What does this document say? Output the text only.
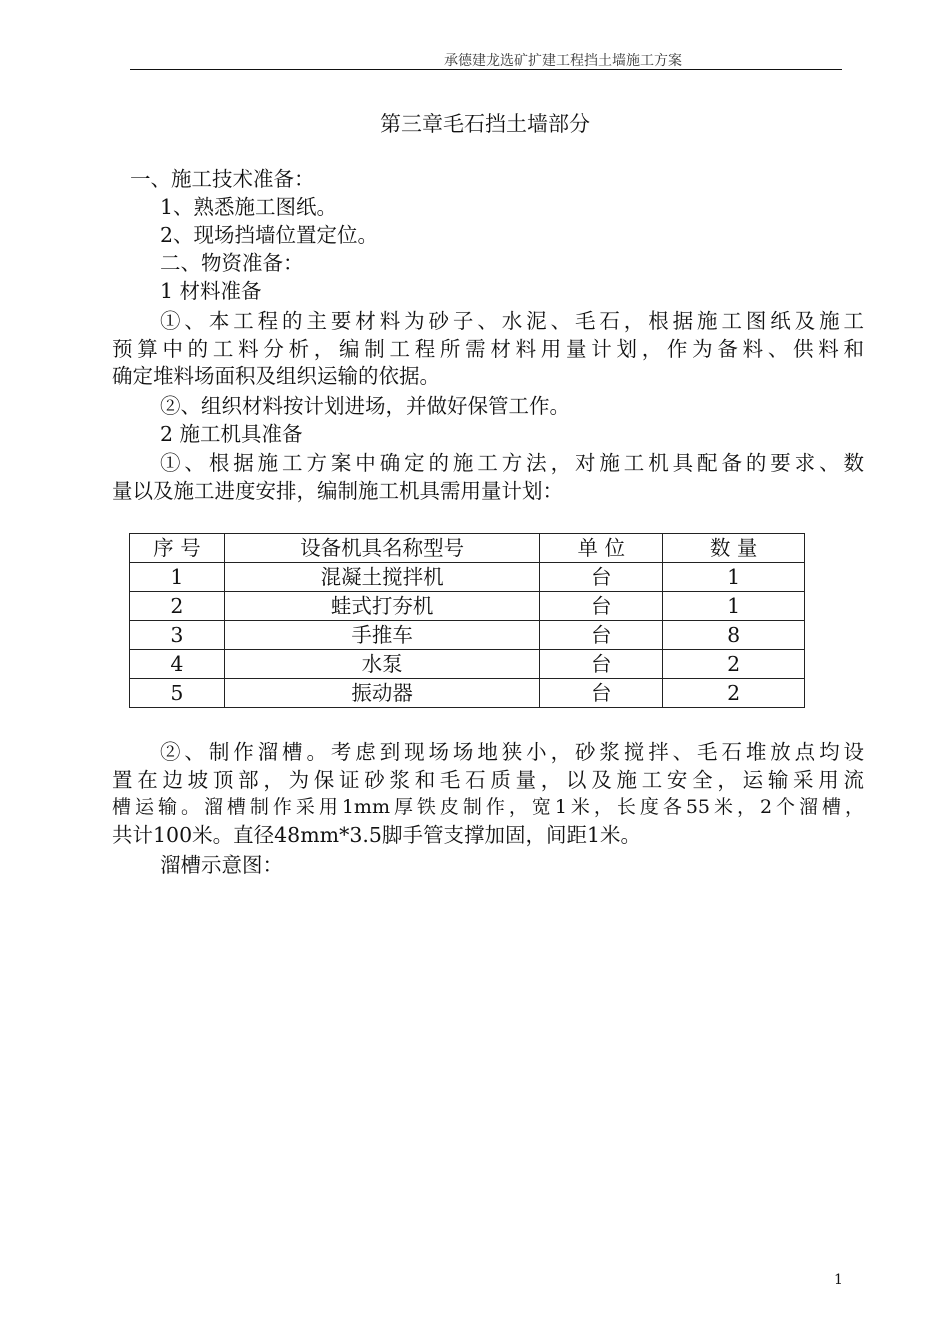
承德建龙选矿扩建工程挡土墙施工方案
第三章毛石挡土墙部分
一、施工技术准备：
1、熟悉施工图纸。
2、现场挡墙位置定位。
二、物资准备：
1 材料准备
①、本工程的主要材料为砂子、水泥、毛石，根据施工图纸及施工
预算中的工料分析，编制工程所需材料用量计划，作为备料、供料和
确定堆料场面积及组织运输的依据。
②、组织材料按计划进场，并做好保管工作。
2 施工机具准备
①、根据施工方案中确定的施工方法，对施工机具配备的要求、数
量以及施工进度安排，编制施工机具需用量计划：
序 号	设备机具名称型号	单 位	数 量
1	混凝土搅拌机	台	1
2	蛙式打夯机	台	1
3	手推车	台	8
4	水泵	台	2
5	振动器	台	2
②、制作溜槽。考虑到现场场地狭小，砂浆搅拌、毛石堆放点均设
置在边坡顶部，为保证砂浆和毛石质量，以及施工安全，运输采用流
槽运输。溜槽制作采用1mm厚铁皮制作，宽1米，长度各55米，2个溜槽，
共计100米。直径48mm*3.5脚手管支撑加固，间距1米。
溜槽示意图：
1
